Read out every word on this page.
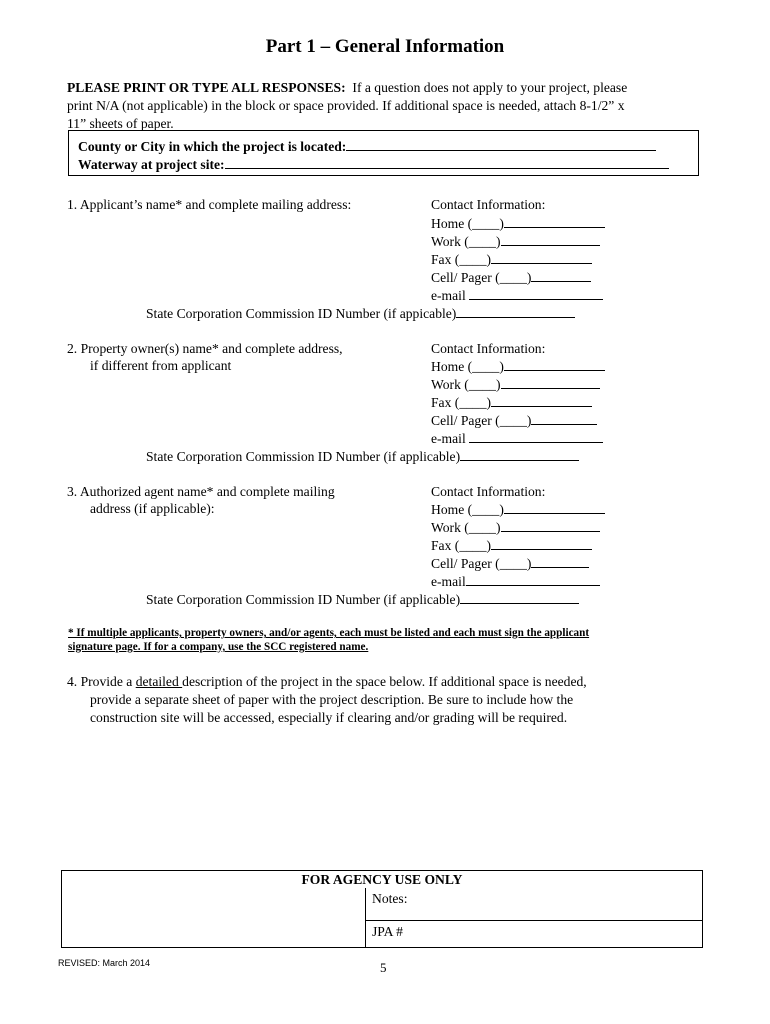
Part 1 – General Information
PLEASE PRINT OR TYPE ALL RESPONSES: If a question does not apply to your project, please
print N/A (not applicable) in the block or space provided. If additional space is needed, attach 8-1/2” x
11” sheets of paper.
County or City in which the project is located:
Waterway at project site:
1. Applicant’s name* and complete mailing address:	Contact Information:
Home (____)
Work (____)
Fax (____)
Cell/ Pager (____)
e-mail
State Corporation Commission ID Number (if appicable)
2. Property owner(s) name* and complete address,
if different from applicant
Contact Information:
Home (____)
Work (____)
Fax (____)
Cell/ Pager (____)
e-mail
State Corporation Commission ID Number (if applicable)
3. Authorized agent name* and complete mailing
address (if applicable):
Contact Information:
Home (____)
Work (____)
Fax (____)
Cell/ Pager (____)
e-mail
State Corporation Commission ID Number (if applicable)
* If multiple applicants, property owners, and/or agents, each must be listed and each must sign the applicant
signature page. If for a company, use the SCC registered name.
4. Provide a detailed description of the project in the space below. If additional space is needed,
provide a separate sheet of paper with the project description. Be sure to include how the
construction site will be accessed, especially if clearing and/or grading will be required.
FOR AGENCY USE ONLY
Notes:
JPA #
REVISED: March 2014	5
